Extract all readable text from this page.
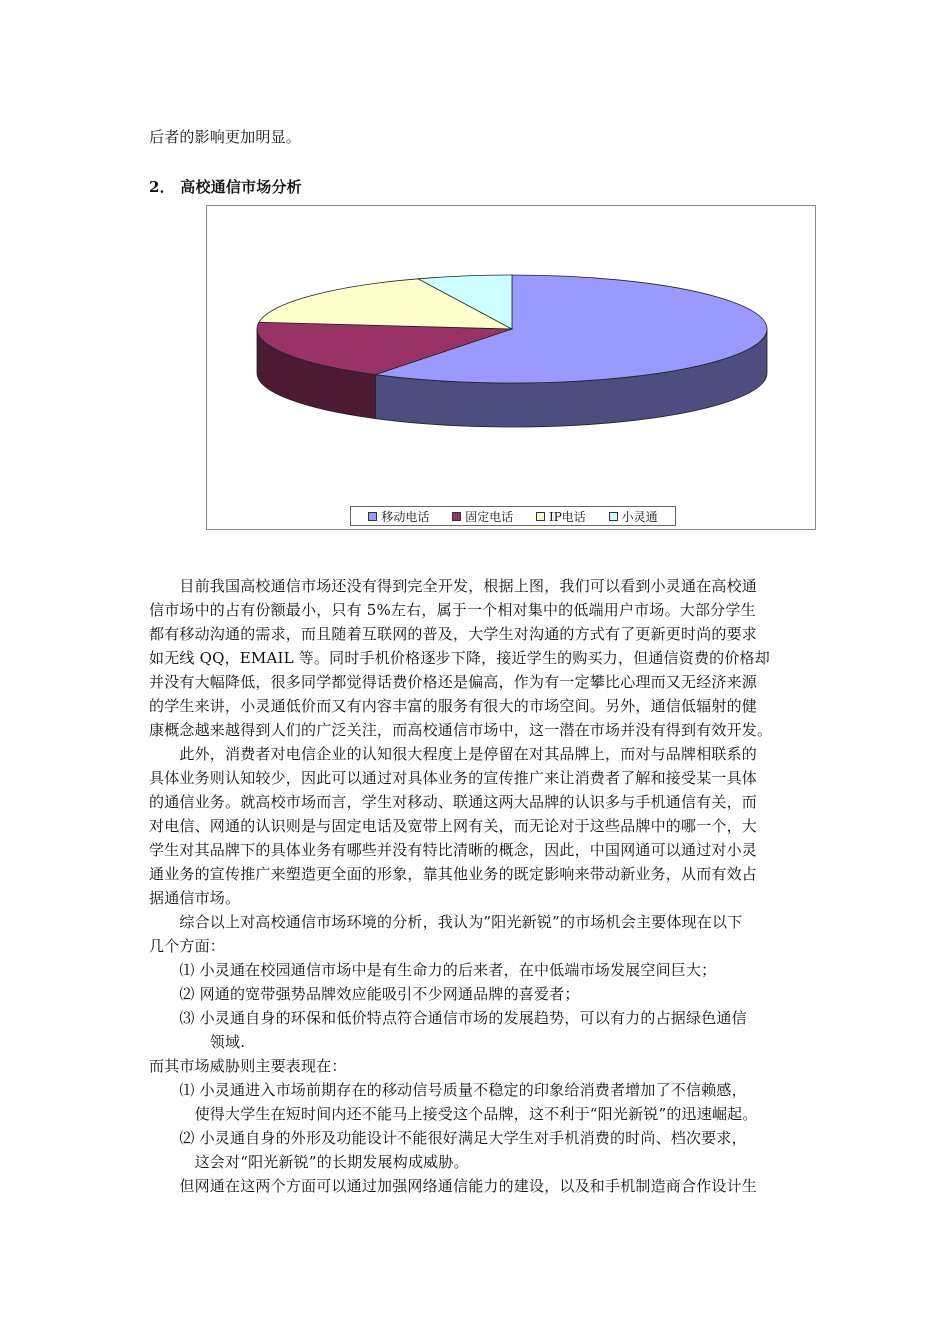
后者的影响更加明显。
2． 高校通信市场分析
移动电话	固定电话	IP电话	小灵通
　　目前我国高校通信市场还没有得到完全开发，根据上图，我们可以看到小灵通在高校通
信市场中的占有份额最小，只有 5%左右，属于一个相对集中的低端用户市场。大部分学生
都有移动沟通的需求，而且随着互联网的普及，大学生对沟通的方式有了更新更时尚的要求
如无线 QQ，EMAIL 等。同时手机价格逐步下降，接近学生的购买力，但通信资费的价格却
并没有大幅降低，很多同学都觉得话费价格还是偏高，作为有一定攀比心理而又无经济来源
的学生来讲，小灵通低价而又有内容丰富的服务有很大的市场空间。另外，通信低辐射的健
康概念越来越得到人们的广泛关注，而高校通信市场中，这一潜在市场并没有得到有效开发。
　　此外，消费者对电信企业的认知很大程度上是停留在对其品牌上，而对与品牌相联系的
具体业务则认知较少，因此可以通过对具体业务的宣传推广来让消费者了解和接受某一具体
的通信业务。就高校市场而言，学生对移动、联通这两大品牌的认识多与手机通信有关，而
对电信、网通的认识则是与固定电话及宽带上网有关，而无论对于这些品牌中的哪一个，大
学生对其品牌下的具体业务有哪些并没有特比清晰的概念，因此，中国网通可以通过对小灵
通业务的宣传推广来塑造更全面的形象，靠其他业务的既定影响来带动新业务，从而有效占
据通信市场。
　　综合以上对高校通信市场环境的分析，我认为”阳光新锐”的市场机会主要体现在以下
几个方面：
　　⑴ 小灵通在校园通信市场中是有生命力的后来者，在中低端市场发展空间巨大；
　　⑵ 网通的宽带强势品牌效应能吸引不少网通品牌的喜爱者；
　　⑶ 小灵通自身的环保和低价特点符合通信市场的发展趋势，可以有力的占据绿色通信
　　　　领域.
而其市场威胁则主要表现在：
　　⑴ 小灵通进入市场前期存在的移动信号质量不稳定的印象给消费者增加了不信赖感，
　　　使得大学生在短时间内还不能马上接受这个品牌，这不利于“阳光新锐”的迅速崛起。
　　⑵ 小灵通自身的外形及功能设计不能很好满足大学生对手机消费的时尚、档次要求，
　　　这会对“阳光新锐”的长期发展构成威胁。
　　但网通在这两个方面可以通过加强网络通信能力的建设，以及和手机制造商合作设计生
